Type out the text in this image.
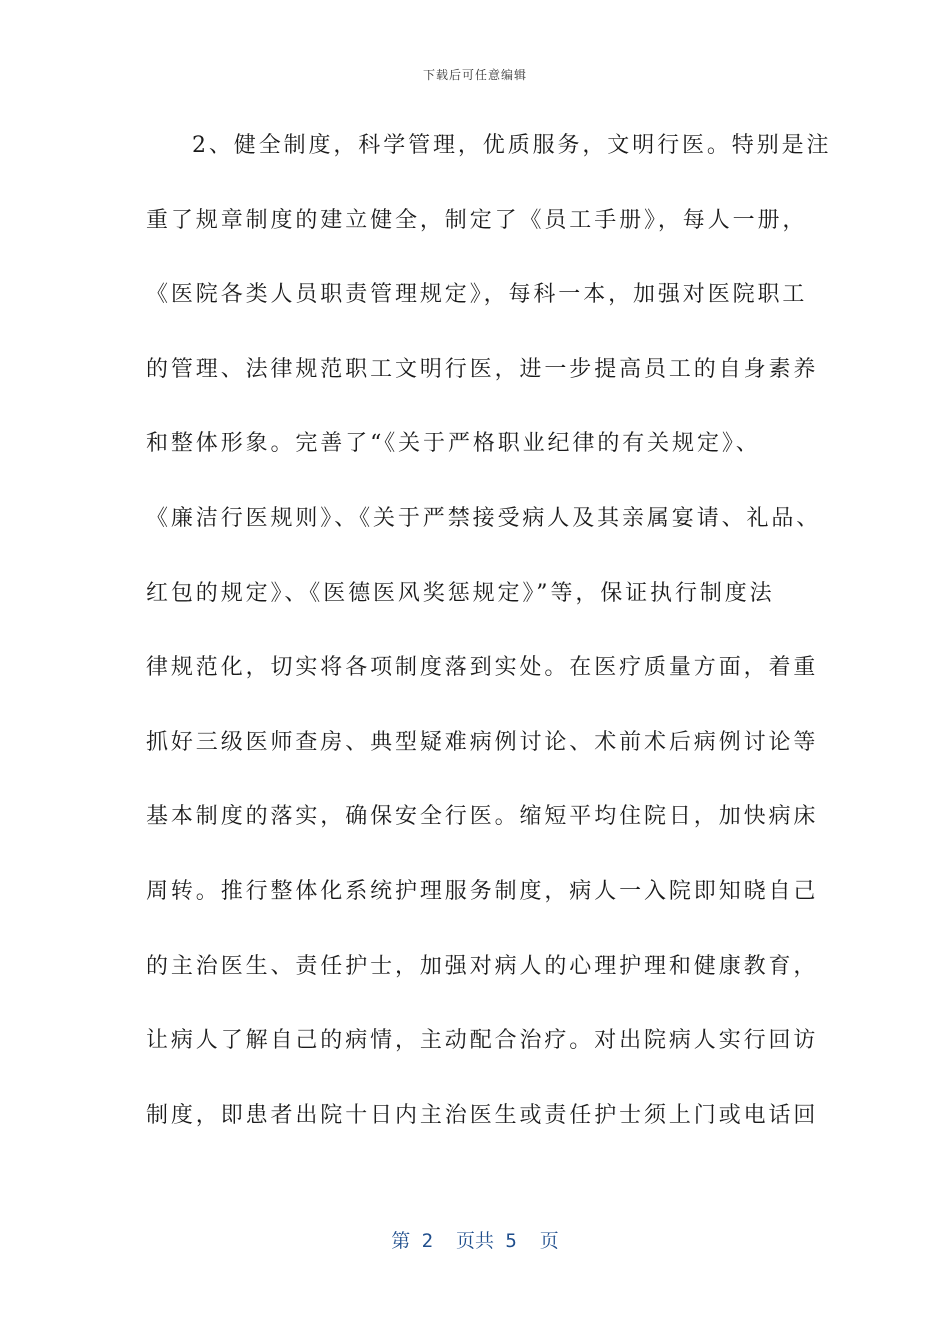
下载后可任意编辑
2、健全制度，科学管理，优质服务，文明行医。特别是注
重了规章制度的建立健全，制定了《员工手册》，每人一册，
《医院各类人员职责管理规定》，每科一本，加强对医院职工
的管理、法律规范职工文明行医，进一步提高员工的自身素养
和整体形象。完善了“《关于严格职业纪律的有关规定》、
《廉洁行医规则》、《关于严禁接受病人及其亲属宴请、礼品、
红包的规定》、《医德医风奖惩规定》”等，保证执行制度法
律规范化，切实将各项制度落到实处。在医疗质量方面，着重
抓好三级医师查房、典型疑难病例讨论、术前术后病例讨论等
基本制度的落实，确保安全行医。缩短平均住院日，加快病床
周转。推行整体化系统护理服务制度，病人一入院即知晓自己
的主治医生、责任护士，加强对病人的心理护理和健康教育，
让病人了解自己的病情，主动配合治疗。对出院病人实行回访
制度，即患者出院十日内主治医生或责任护士须上门或电话回
第 2  页共 5  页
